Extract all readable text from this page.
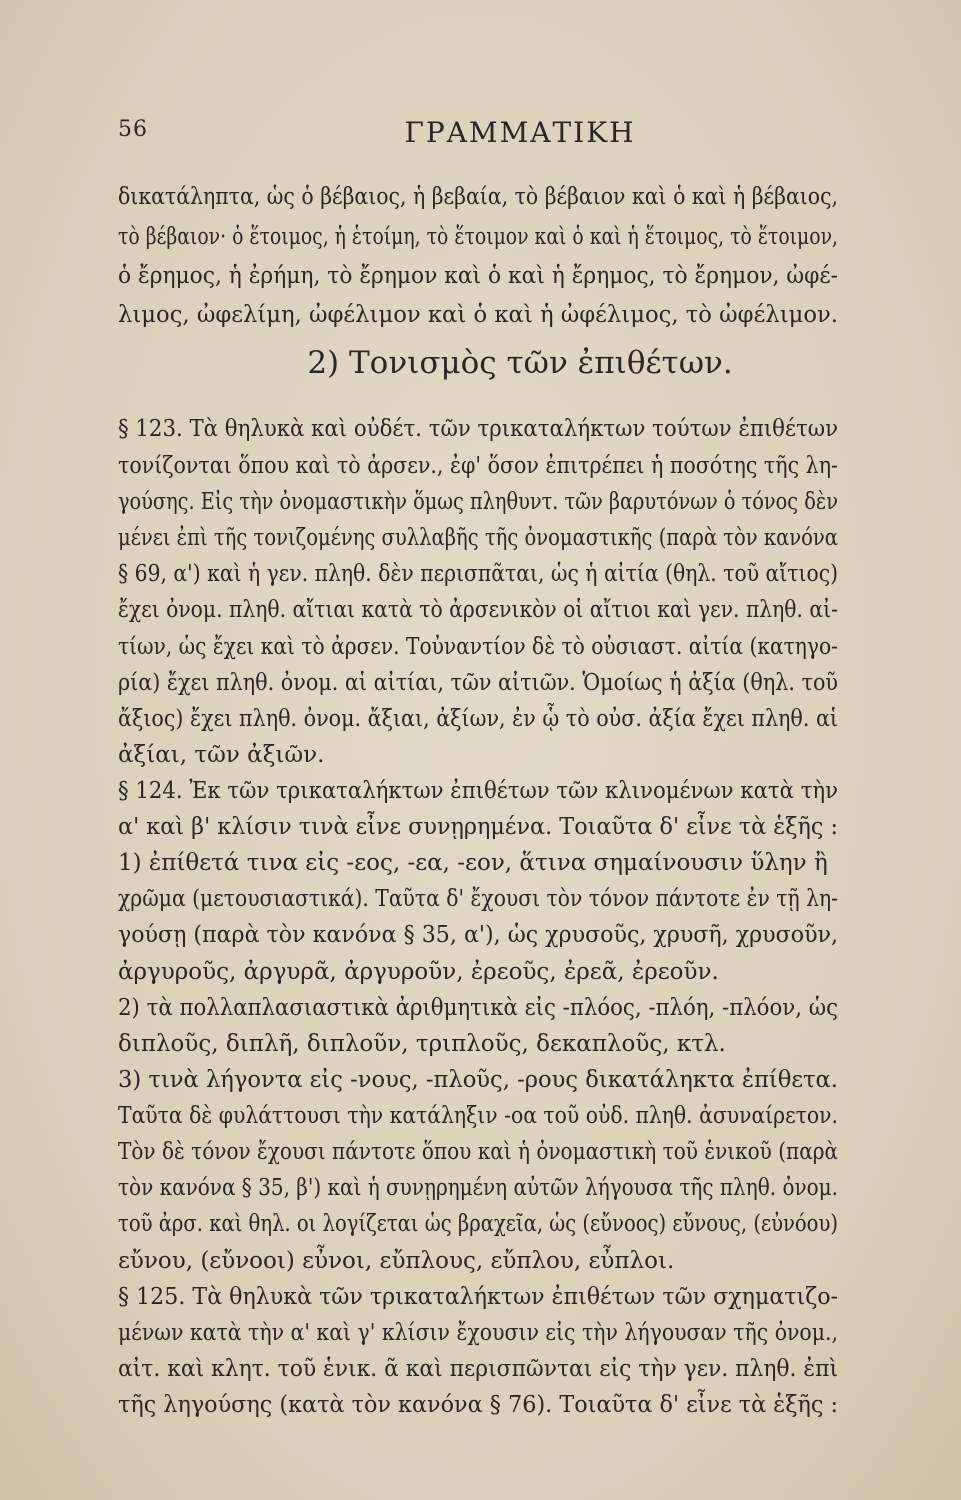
56	ΓΡΑΜΜΑΤΙΚΗ
δικατάληπτα, ὡς ὁ βέβαιος, ἡ βεβαία, τὸ βέβαιον καὶ ὁ καὶ ἡ βέβαιος,
τὸ βέβαιον· ὁ ἕτοιμος, ἡ ἑτοίμη, τὸ ἕτοιμον καὶ ὁ καὶ ἡ ἕτοιμος, τὸ ἕτοιμον,
ὁ ἔρημος, ἡ ἐρήμη, τὸ ἔρημον καὶ ὁ καὶ ἡ ἔρημος, τὸ ἔρημον, ὠφέ-
λιμος, ὠφελίμη, ὠφέλιμον καὶ ὁ καὶ ἡ ὠφέλιμος, τὸ ὠφέλιμον.
2) Τονισμὸς τῶν ἐπιθέτων.
§ 123. Τὰ θηλυκὰ καὶ οὐδέτ. τῶν τρικαταλήκτων τούτων ἐπιθέτων
τονίζονται ὅπου καὶ τὸ ἀρσεν., ἐφ' ὅσον ἐπιτρέπει ἡ ποσότης τῆς λη-
γούσης. Εἰς τὴν ὀνομαστικὴν ὅμως πληθυντ. τῶν βαρυτόνων ὁ τόνος δὲν
μένει ἐπὶ τῆς τονιζομένης συλλαβῆς τῆς ὀνομαστικῆς (παρὰ τὸν κανόνα
§ 69, α') καὶ ἡ γεν. πληθ. δὲν περισπᾶται, ὡς ἡ αἰτία (θηλ. τοῦ αἴτιος)
ἔχει ὀνομ. πληθ. αἴτιαι κατὰ τὸ ἀρσενικὸν οἱ αἴτιοι καὶ γεν. πληθ. αἰ-
τίων, ὡς ἔχει καὶ τὸ ἀρσεν. Τοὐναντίον δὲ τὸ οὐσιαστ. αἰτία (κατηγο-
ρία) ἔχει πληθ. ὀνομ. αἱ αἰτίαι, τῶν αἰτιῶν. Ὁμοίως ἡ ἀξία (θηλ. τοῦ
ἄξιος) ἔχει πληθ. ὀνομ. ἄξιαι, ἀξίων, ἐν ᾧ τὸ οὐσ. ἀξία ἔχει πληθ. αἱ
ἀξίαι, τῶν ἀξιῶν.
§ 124. Ἐκ τῶν τρικαταλήκτων ἐπιθέτων τῶν κλινομένων κατὰ τὴν
α' καὶ β' κλίσιν τινὰ εἶνε συνῃρημένα. Τοιαῦτα δ' εἶνε τὰ ἑξῆς :
1) ἐπίθετά τινα εἰς -εος, -εα, -εον, ἅτινα σημαίνουσιν ὕλην ἢ
χρῶμα (μετουσιαστικά). Ταῦτα δ' ἔχουσι τὸν τόνον πάντοτε ἐν τῇ λη-
γούσῃ (παρὰ τὸν κανόνα § 35, α'), ὡς χρυσοῦς, χρυσῆ, χρυσοῦν,
ἀργυροῦς, ἀργυρᾶ, ἀργυροῦν, ἐρεοῦς, ἐρεᾶ, ἐρεοῦν.
2) τὰ πολλαπλασιαστικὰ ἀριθμητικὰ εἰς -πλόος, -πλόη, -πλόον, ὡς
διπλοῦς, διπλῆ, διπλοῦν, τριπλοῦς, δεκαπλοῦς, κτλ.
3) τινὰ λήγοντα εἰς -νους, -πλοῦς, -ρους δικατάληκτα ἐπίθετα.
Ταῦτα δὲ φυλάττουσι τὴν κατάληξιν -οα τοῦ οὐδ. πληθ. ἀσυναίρετον.
Τὸν δὲ τόνον ἔχουσι πάντοτε ὅπου καὶ ἡ ὀνομαστικὴ τοῦ ἑνικοῦ (παρὰ
τὸν κανόνα § 35, β') καὶ ἡ συνῃρημένη αὐτῶν λήγουσα τῆς πληθ. ὀνομ.
τοῦ ἀρσ. καὶ θηλ. οι λογίζεται ὡς βραχεῖα, ὡς (εὔνοος) εὔνους, (εὐνόου)
εὔνου, (εὔνοοι) εὖνοι, εὔπλους, εὔπλου, εὖπλοι.
§ 125. Τὰ θηλυκὰ τῶν τρικαταλήκτων ἐπιθέτων τῶν σχηματιζο-
μένων κατὰ τὴν α' καὶ γ' κλίσιν ἔχουσιν εἰς τὴν λήγουσαν τῆς ὀνομ.,
αἰτ. καὶ κλητ. τοῦ ἑνικ. ᾶ καὶ περισπῶνται εἰς τὴν γεν. πληθ. ἐπὶ
τῆς ληγούσης (κατὰ τὸν κανόνα § 76). Τοιαῦτα δ' εἶνε τὰ ἑξῆς :
